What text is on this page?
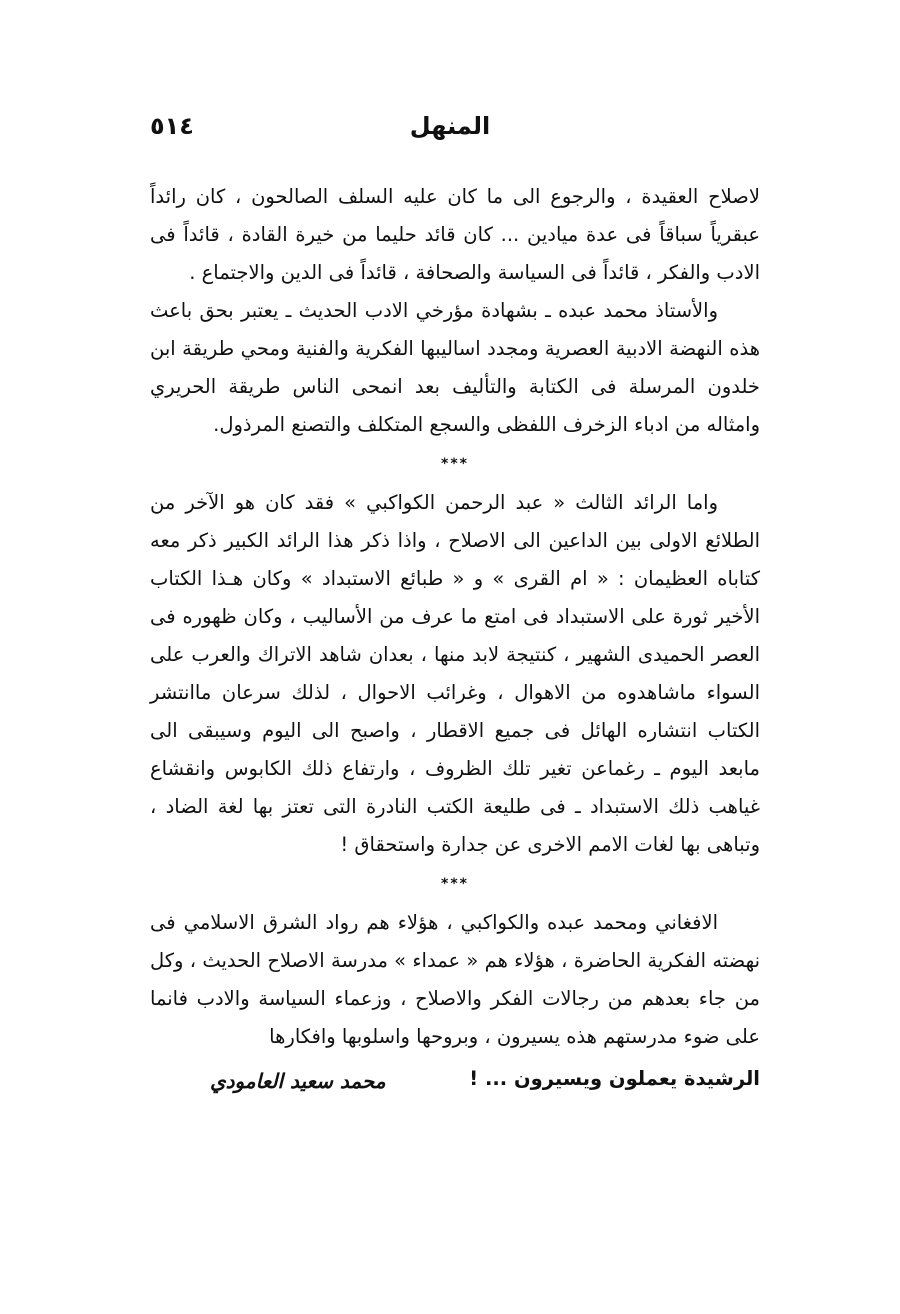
المنهل
٥١٤

لاصلاح العقيدة ، والرجوع الى ما كان عليه السلف الصالحون ، كان رائداً عبقرياً سباقاً فى عدة ميادين ... كان قائد حليما من خيرة القادة ، قائداً فى الادب والفكر ، قائداً فى السياسة والصحافة ، قائداً فى الدين والاجتماع .

والأستاذ محمد عبده ـ بشهادة مؤرخي الادب الحديث ـ يعتبر بحق باعث هذه النهضة الادبية العصرية ومجدد اساليبها الفكرية والفنية ومحي طريقة ابن خلدون المرسلة فى الكتابة والتأليف بعد انمحى الناس طريقة الحريري وامثاله من ادباء الزخرف اللفظى والسجع المتكلف والتصنع المرذول.

***

واما الرائد الثالث « عبد الرحمن الكواكبي » فقد كان هو الآخر من الطلائع الاولى بين الداعين الى الاصلاح ، واذا ذكر هذا الرائد الكبير ذكر معه كتاباه العظيمان : « ام القرى » و « طبائع الاستبداد » وكان هـذا الكتاب الأخير ثورة على الاستبداد فى امتع ما عرف من الأساليب ، وكان ظهوره فى العصر الحميدى الشهير ، كنتيجة لابد منها ، بعدان شاهد الاتراك والعرب على السواء ماشاهدوه من الاهوال ، وغرائب الاحوال ، لذلك سرعان ماانتشر الكتاب انتشاره الهائل فى جميع الاقطار ، واصبح الى اليوم وسيبقى الى مابعد اليوم ـ رغماعن تغير تلك الظروف ، وارتفاع ذلك الكابوس وانقشاع غياهب ذلك الاستبداد ـ فى طليعة الكتب النادرة التى تعتز بها لغة الضاد ، وتباهى بها لغات الامم الاخرى عن جدارة واستحقاق !

***

الافغاني ومحمد عبده والكواكبي ، هؤلاء هم رواد الشرق الاسلامي فى نهضته الفكرية الحاضرة ، هؤلاء هم « عمداء » مدرسة الاصلاح الحديث ، وكل من جاء بعدهم من رجالات الفكر والاصلاح ، وزعماء السياسة والادب فانما على ضوء مدرستهم هذه يسيرون ، وبروحها واسلوبها وافكارها

الرشيدة يعملون ويسيرون ... !
محمد سعيد العامودي
